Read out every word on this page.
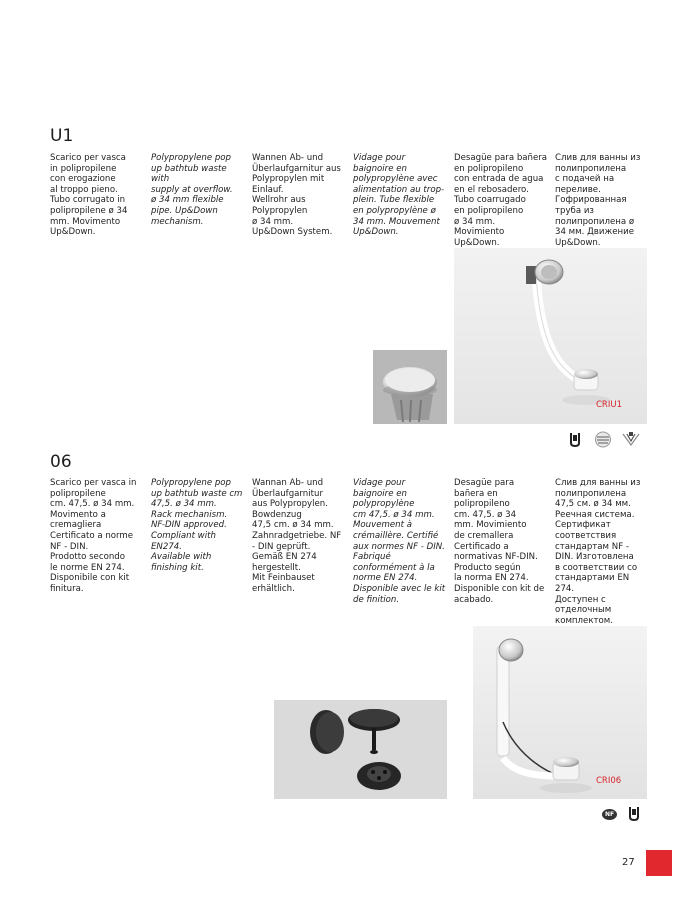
U1
Scarico per vasca
in polipropilene
con erogazione
al troppo pieno.
Tubo corrugato in
polipropilene ø 34
mm. Movimento
Up&Down.
Polypropylene pop
up bathtub waste with
supply at overflow.
ø 34 mm flexible
pipe. Up&Down
mechanism.
Wannen Ab- und
Überlaufgarnitur aus
Polypropylen mit
Einlauf.
Wellrohr aus
Polypropylen
ø 34 mm.
Up&Down System.
Vidage pour
baignoire en
polypropylène avec
alimentation au trop-
plein. Tube flexible
en polypropylène ø
34 mm. Mouvement
Up&Down.
Desagüe para bañera
en polipropileno
con entrada de agua
en el rebosadero.
Tubo coarrugado
en polipropileno
ø 34 mm.
Movimiento
Up&Down.
Слив для ванны из
полипропилена
с подачей на
переливе.
Гофрированная
труба из
полипропилена ø
34 мм. Движение
Up&Down.
CRIU1
06
Scarico per vasca in
polipropilene
cm. 47,5. ø 34 mm.
Movimento a
cremagliera
Certificato a norme
NF - DIN.
Prodotto secondo
le norme EN 274.
Disponibile con kit
finitura.
Polypropylene pop
up bathtub waste cm
47,5. ø 34 mm.
Rack mechanism.
NF-DIN approved.
Compliant with
EN274.
Available with
finishing kit.
Wannan Ab- und
Überlaufgarnitur
aus Polypropylen.
Bowdenzug
47,5 cm. ø 34 mm.
Zahnradgetriebe. NF
- DIN geprüft.
Gemäß EN 274
hergestellt.
Mit Feinbauset
erhältlich.
Vidage pour
baignoire en
polypropylène
cm 47,5. ø 34 mm.
Mouvement à
crémaillère. Certifié
aux normes NF - DIN.
Fabriqué
conformément à la
norme EN 274.
Disponible avec le kit
de finition.
Desagüe para
bañera en
polipropileno
cm. 47,5. ø 34
mm. Movimiento
de cremallera
Certificado a
normativas NF-DIN.
Producto según
la norma EN 274.
Disponible con kit de
acabado.
Слив для ванны из
полипропилена
47,5 см. ø 34 мм.
Реечная система.
Сертификат
соответствия
стандартам NF -
DIN. Изготовлена
в соответствии со
стандартами EN 274.
Доступен с
отделочным
комплектом.
CRI06
NF
27
